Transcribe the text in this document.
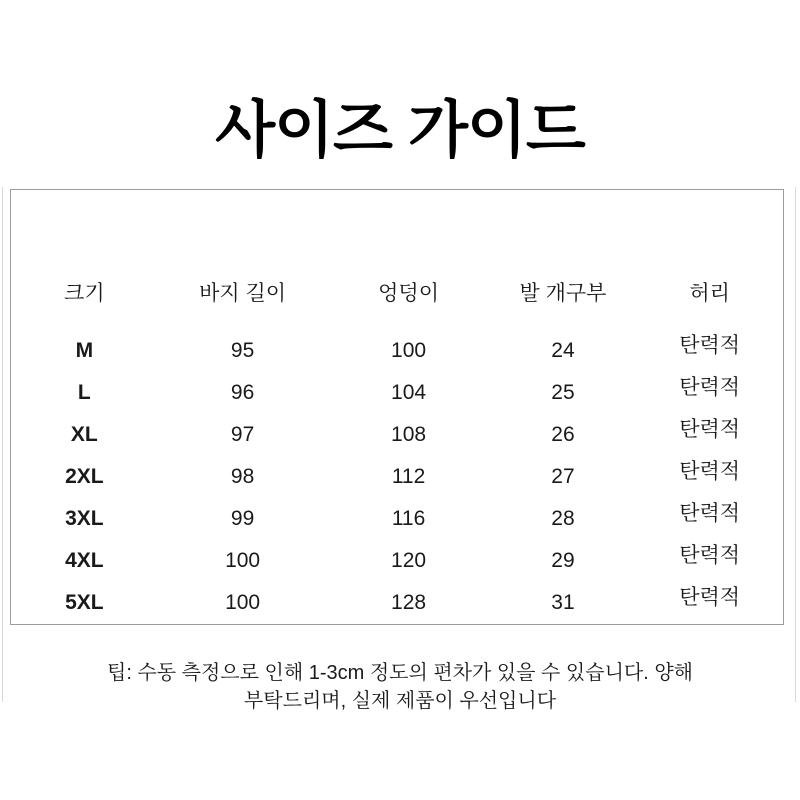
사이즈 가이드
크기	바지 길이	엉덩이	발 개구부	허리
M	95	100	24	탄력적
L	96	104	25	탄력적
XL	97	108	26	탄력적
2XL	98	112	27	탄력적
3XL	99	116	28	탄력적
4XL	100	120	29	탄력적
5XL	100	128	31	탄력적
팁: 수동 측정으로 인해 1-3cm 정도의 편차가 있을 수 있습니다. 양해
부탁드리며, 실제 제품이 우선입니다
